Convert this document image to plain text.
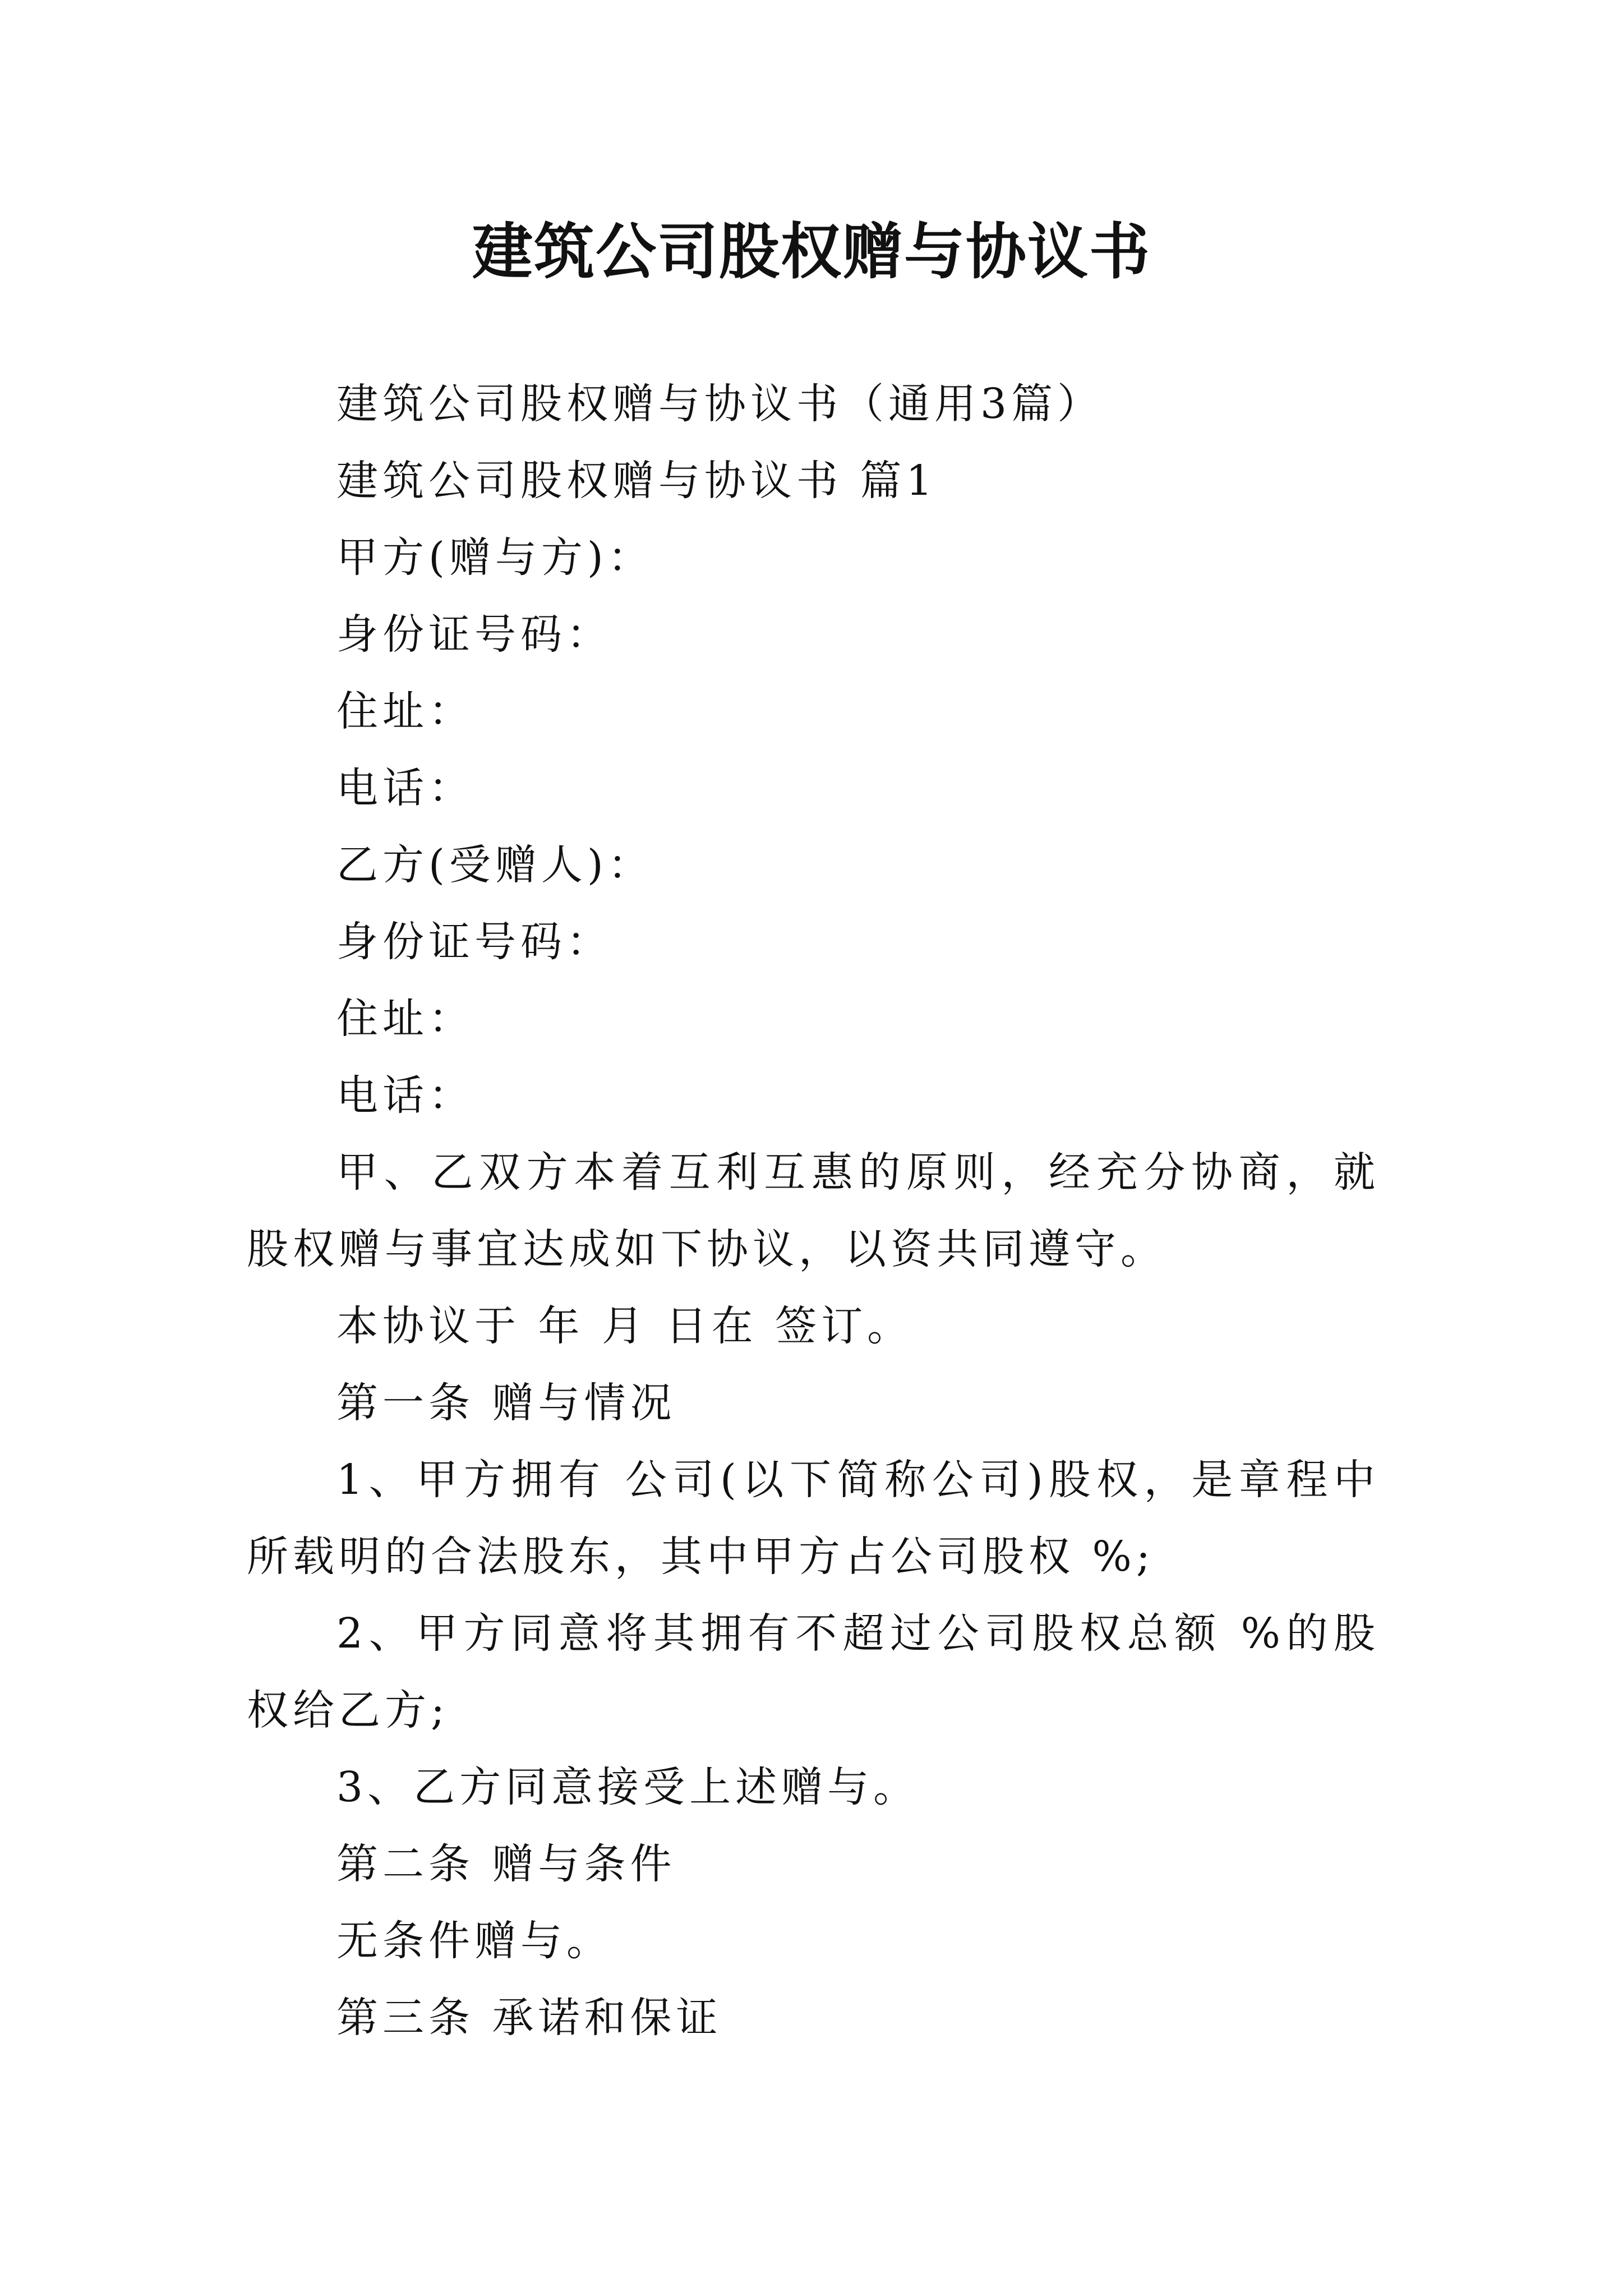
建筑公司股权赠与协议书
建筑公司股权赠与协议书（通用3篇）
建筑公司股权赠与协议书 篇1
甲方(赠与方)：
身份证号码：
住址：
电话：
乙方(受赠人)：
身份证号码：
住址：
电话：
甲、乙双方本着互利互惠的原则，经充分协商，就股权赠与事宜达成如下协议，以资共同遵守。
本协议于 年 月 日在 签订。
第一条 赠与情况
1、甲方拥有 公司(以下简称公司)股权，是章程中所载明的合法股东，其中甲方占公司股权 %;
2、甲方同意将其拥有不超过公司股权总额 %的股权给乙方;
3、乙方同意接受上述赠与。
第二条 赠与条件
无条件赠与。
第三条 承诺和保证
